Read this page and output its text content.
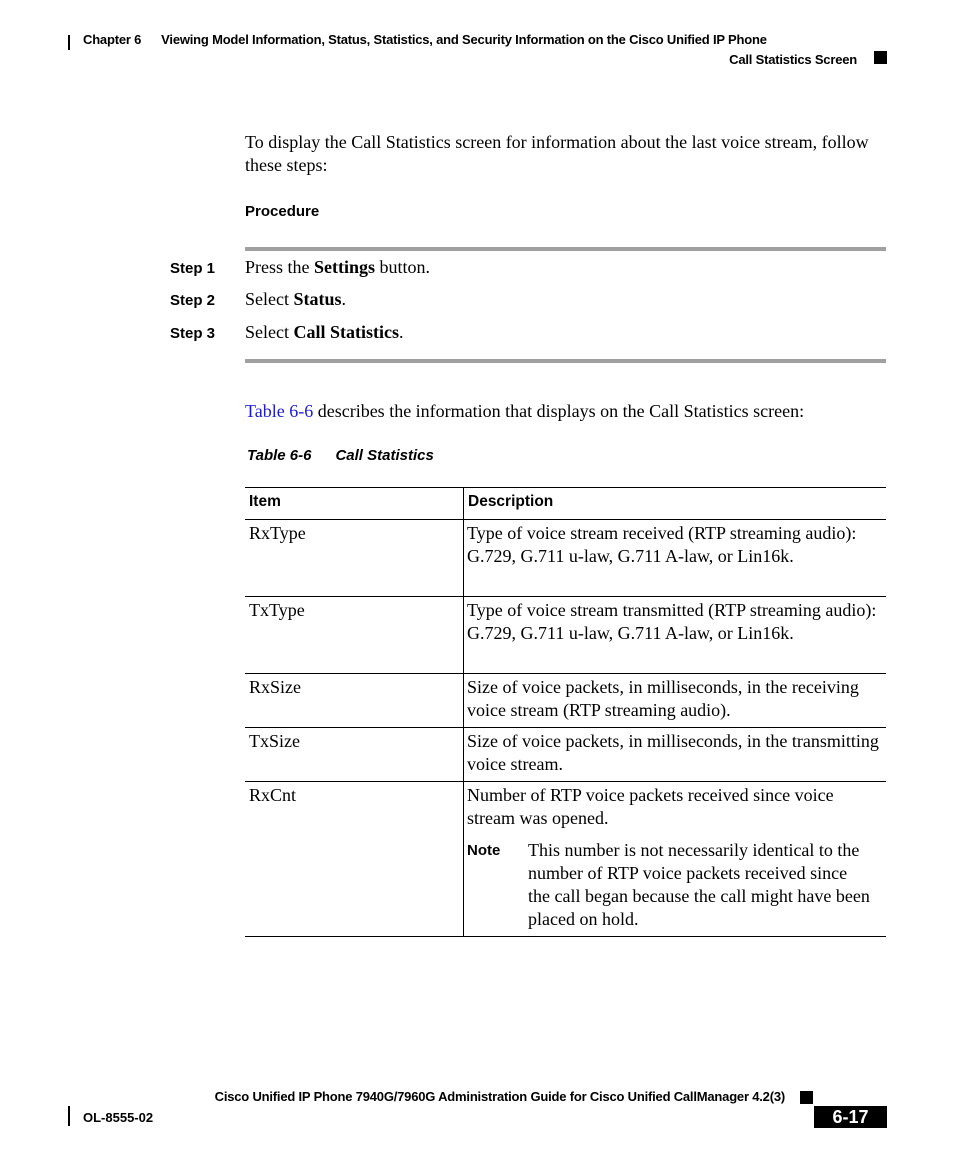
Chapter 6 Viewing Model Information, Status, Statistics, and Security Information on the Cisco Unified IP Phone
Call Statistics Screen
To display the Call Statistics screen for information about the last voice stream, follow these steps:
Procedure
Step 1 Press the Settings button.
Step 2 Select Status.
Step 3 Select Call Statistics.
Table 6-6 describes the information that displays on the Call Statistics screen:
Table 6-6 Call Statistics
Item	Description
RxType	Type of voice stream received (RTP streaming audio): G.729, G.711 u-law, G.711 A-law, or Lin16k.
TxType	Type of voice stream transmitted (RTP streaming audio): G.729, G.711 u-law, G.711 A-law, or Lin16k.
RxSize	Size of voice packets, in milliseconds, in the receiving voice stream (RTP streaming audio).
TxSize	Size of voice packets, in milliseconds, in the transmitting voice stream.
RxCnt	Number of RTP voice packets received since voice stream was opened.
Note This number is not necessarily identical to the number of RTP voice packets received since the call began because the call might have been placed on hold.
Cisco Unified IP Phone 7940G/7960G Administration Guide for Cisco Unified CallManager 4.2(3)
OL-8555-02	6-17
